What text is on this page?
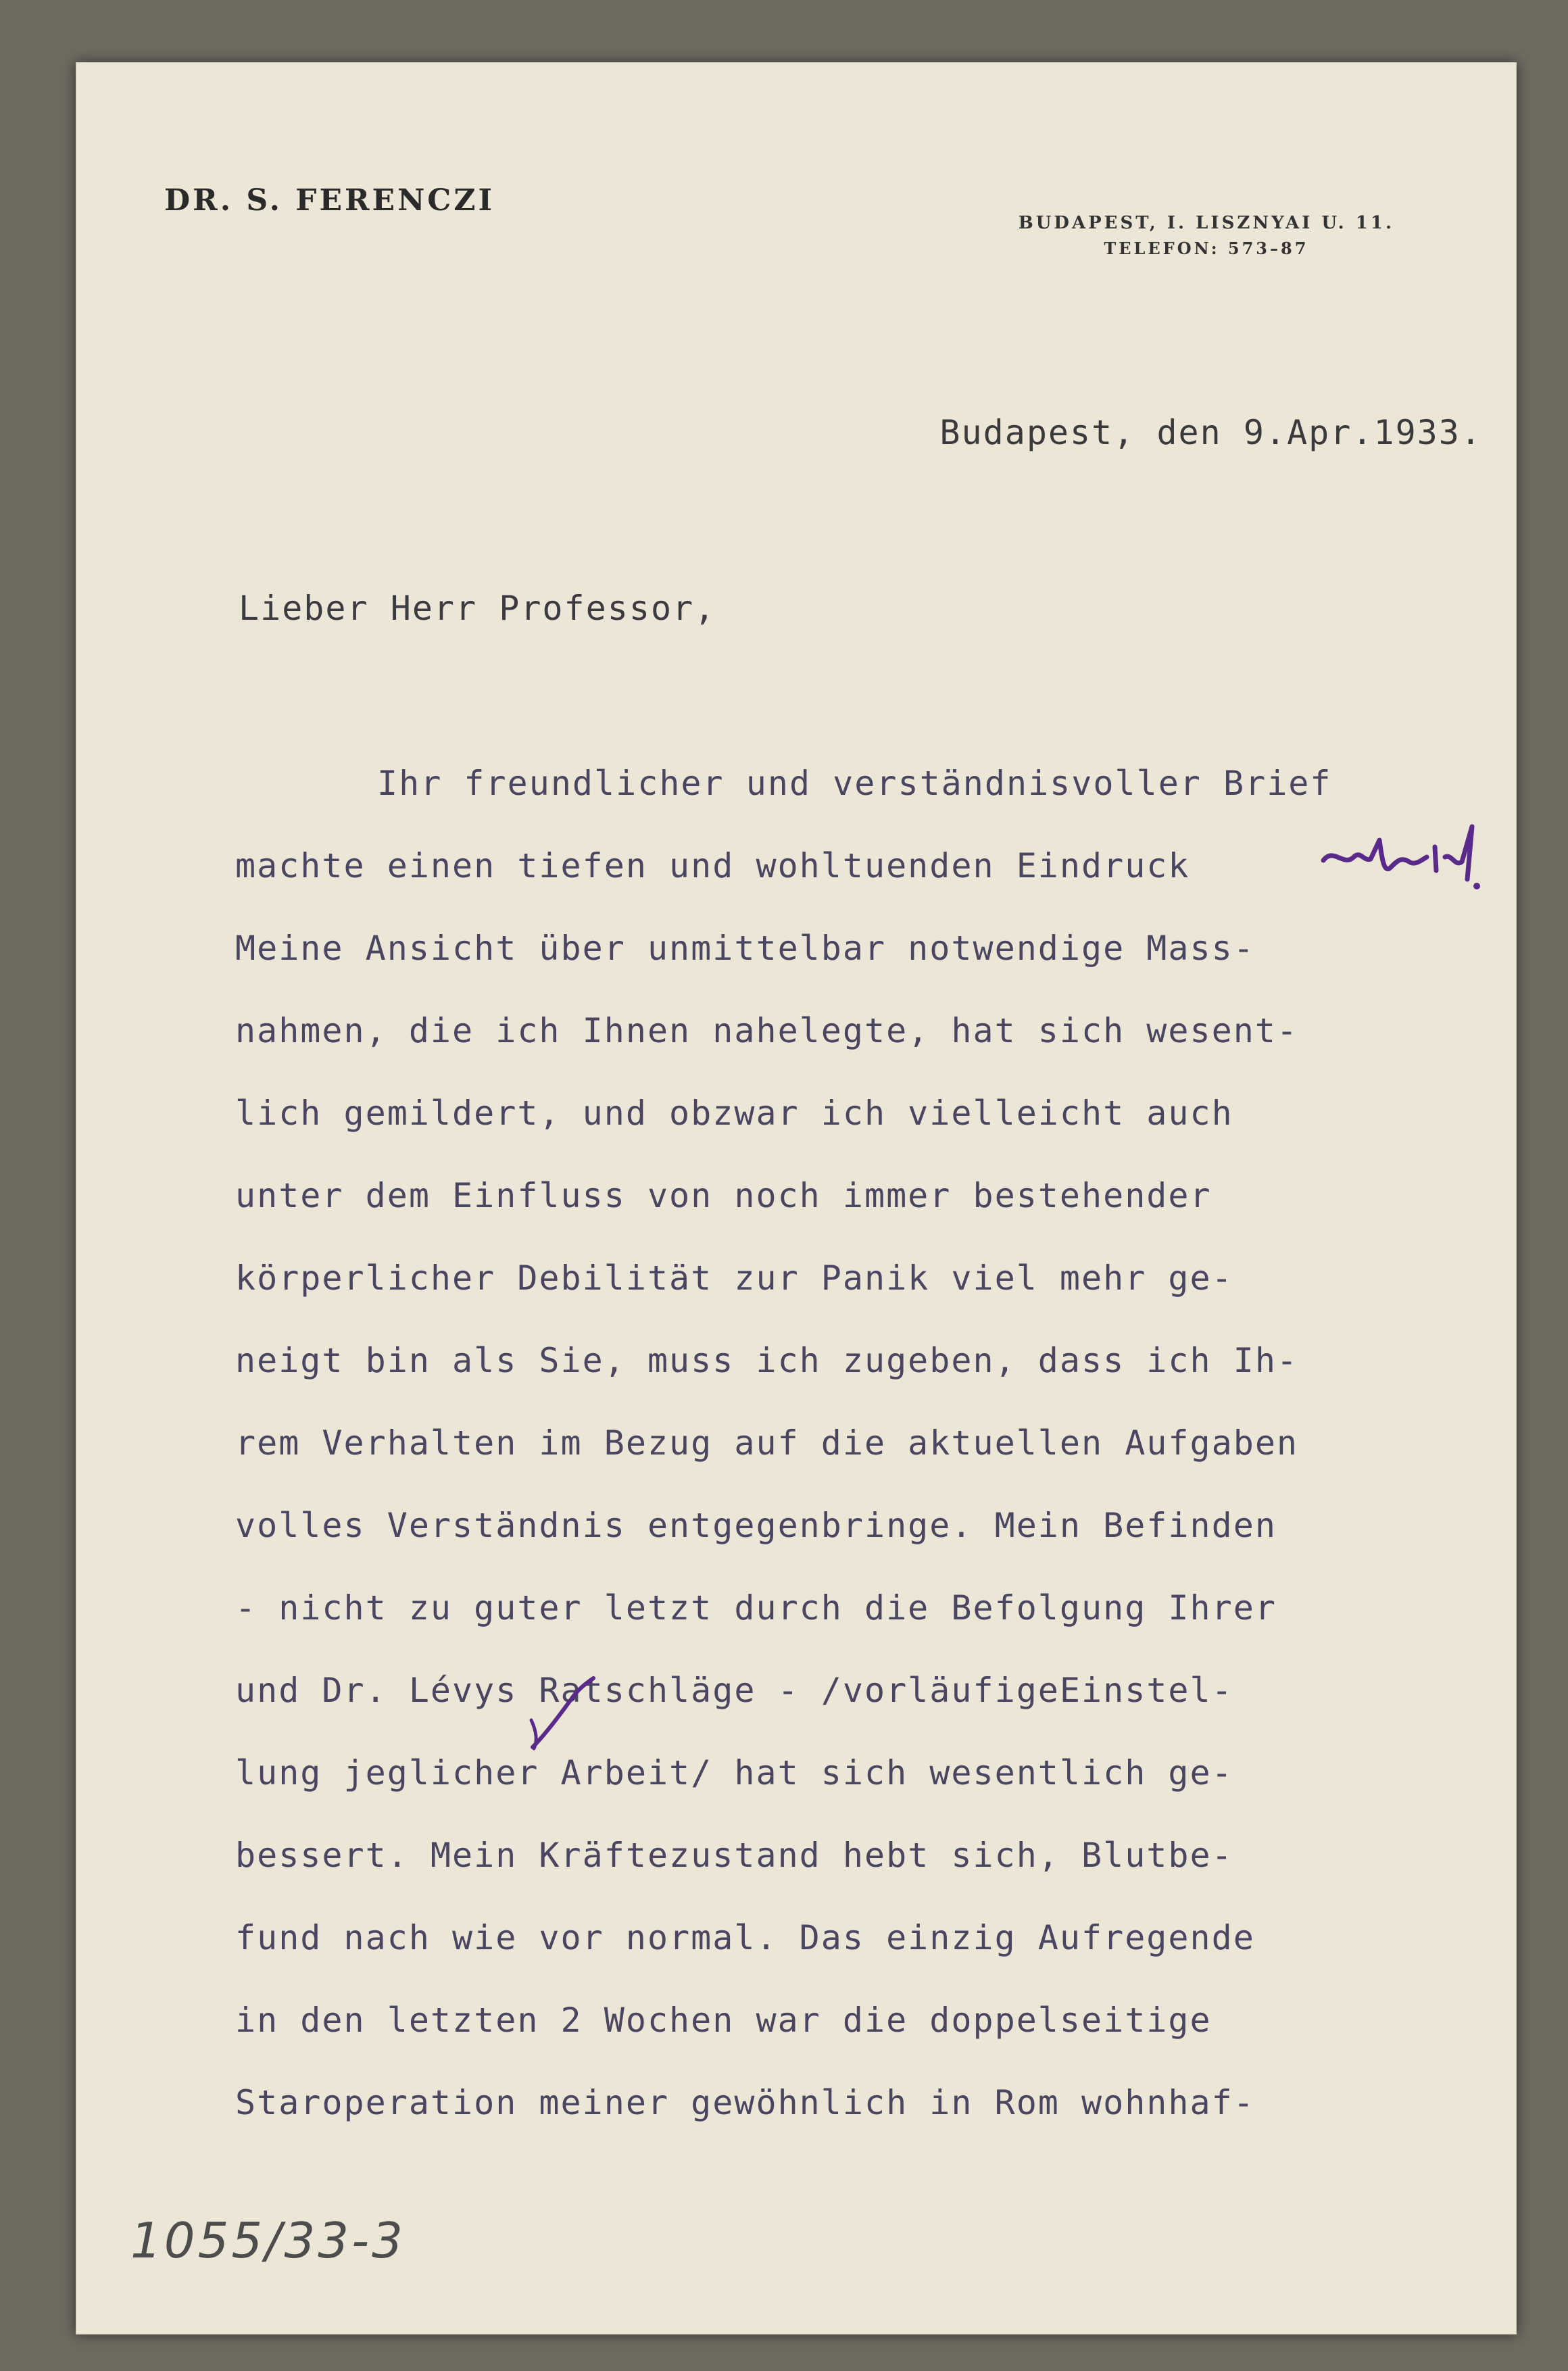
DR. S. FERENCZI
BUDAPEST, I. LISZNYAI U. 11.
TELEFON: 573–87
Budapest, den 9.Apr.1933.
Lieber Herr Professor,
Ihr freundlicher und verständnisvoller Brief
machte einen tiefen und wohltuenden Eindruck
Meine Ansicht über unmittelbar notwendige Mass-
nahmen, die ich Ihnen nahelegte, hat sich wesent-
lich gemildert, und obzwar ich vielleicht auch
unter dem Einfluss von noch immer bestehender
körperlicher Debilität zur Panik viel mehr ge-
neigt bin als Sie, muss ich zugeben, dass ich Ih-
rem Verhalten im Bezug auf die aktuellen Aufgaben
volles Verständnis entgegenbringe. Mein Befinden
- nicht zu guter letzt durch die Befolgung Ihrer
und Dr. Lévys Ratschläge - /vorläufigeEinstel-
lung jeglicher Arbeit/ hat sich wesentlich ge-
bessert. Mein Kräftezustand hebt sich, Blutbe-
fund nach wie vor normal. Das einzig Aufregende
in den letzten 2 Wochen war die doppelseitige
Staroperation meiner gewöhnlich in Rom wohnhaf-
1055/33-3
